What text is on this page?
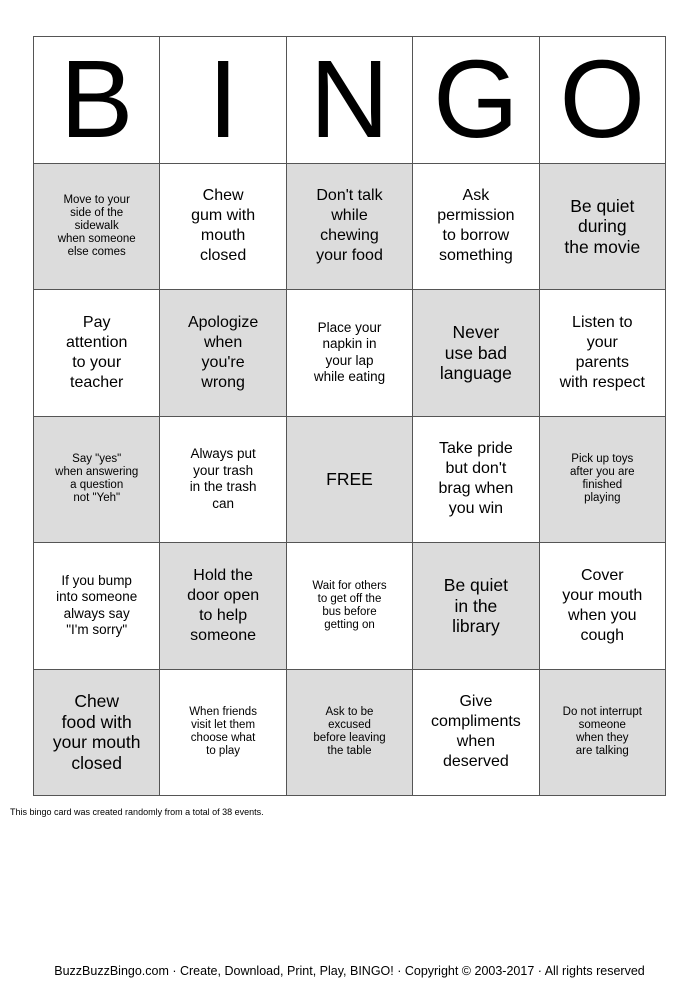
B I N G O
Move to your
side of the
sidewalk
when someone
else comes
Chew
gum with
mouth
closed
Don't talk
while
chewing
your food
Ask
permission
to borrow
something
Be quiet
during
the movie
Pay
attention
to your
teacher
Apologize
when
you're
wrong
Place your
napkin in
your lap
while eating
Never
use bad
language
Listen to
your
parents
with respect
Say "yes"
when answering
a question
not "Yeh"
Always put
your trash
in the trash
can
FREE
Take pride
but don't
brag when
you win
Pick up toys
after you are
finished
playing
If you bump
into someone
always say
"I'm sorry"
Hold the
door open
to help
someone
Wait for others
to get off the
bus before
getting on
Be quiet
in the
library
Cover
your mouth
when you
cough
Chew
food with
your mouth
closed
When friends
visit let them
choose what
to play
Ask to be
excused
before leaving
the table
Give
compliments
when
deserved
Do not interrupt
someone
when they
are talking
This bingo card was created randomly from a total of 38 events.
BuzzBuzzBingo.com · Create, Download, Print, Play, BINGO! · Copyright © 2003-2017 · All rights reserved
